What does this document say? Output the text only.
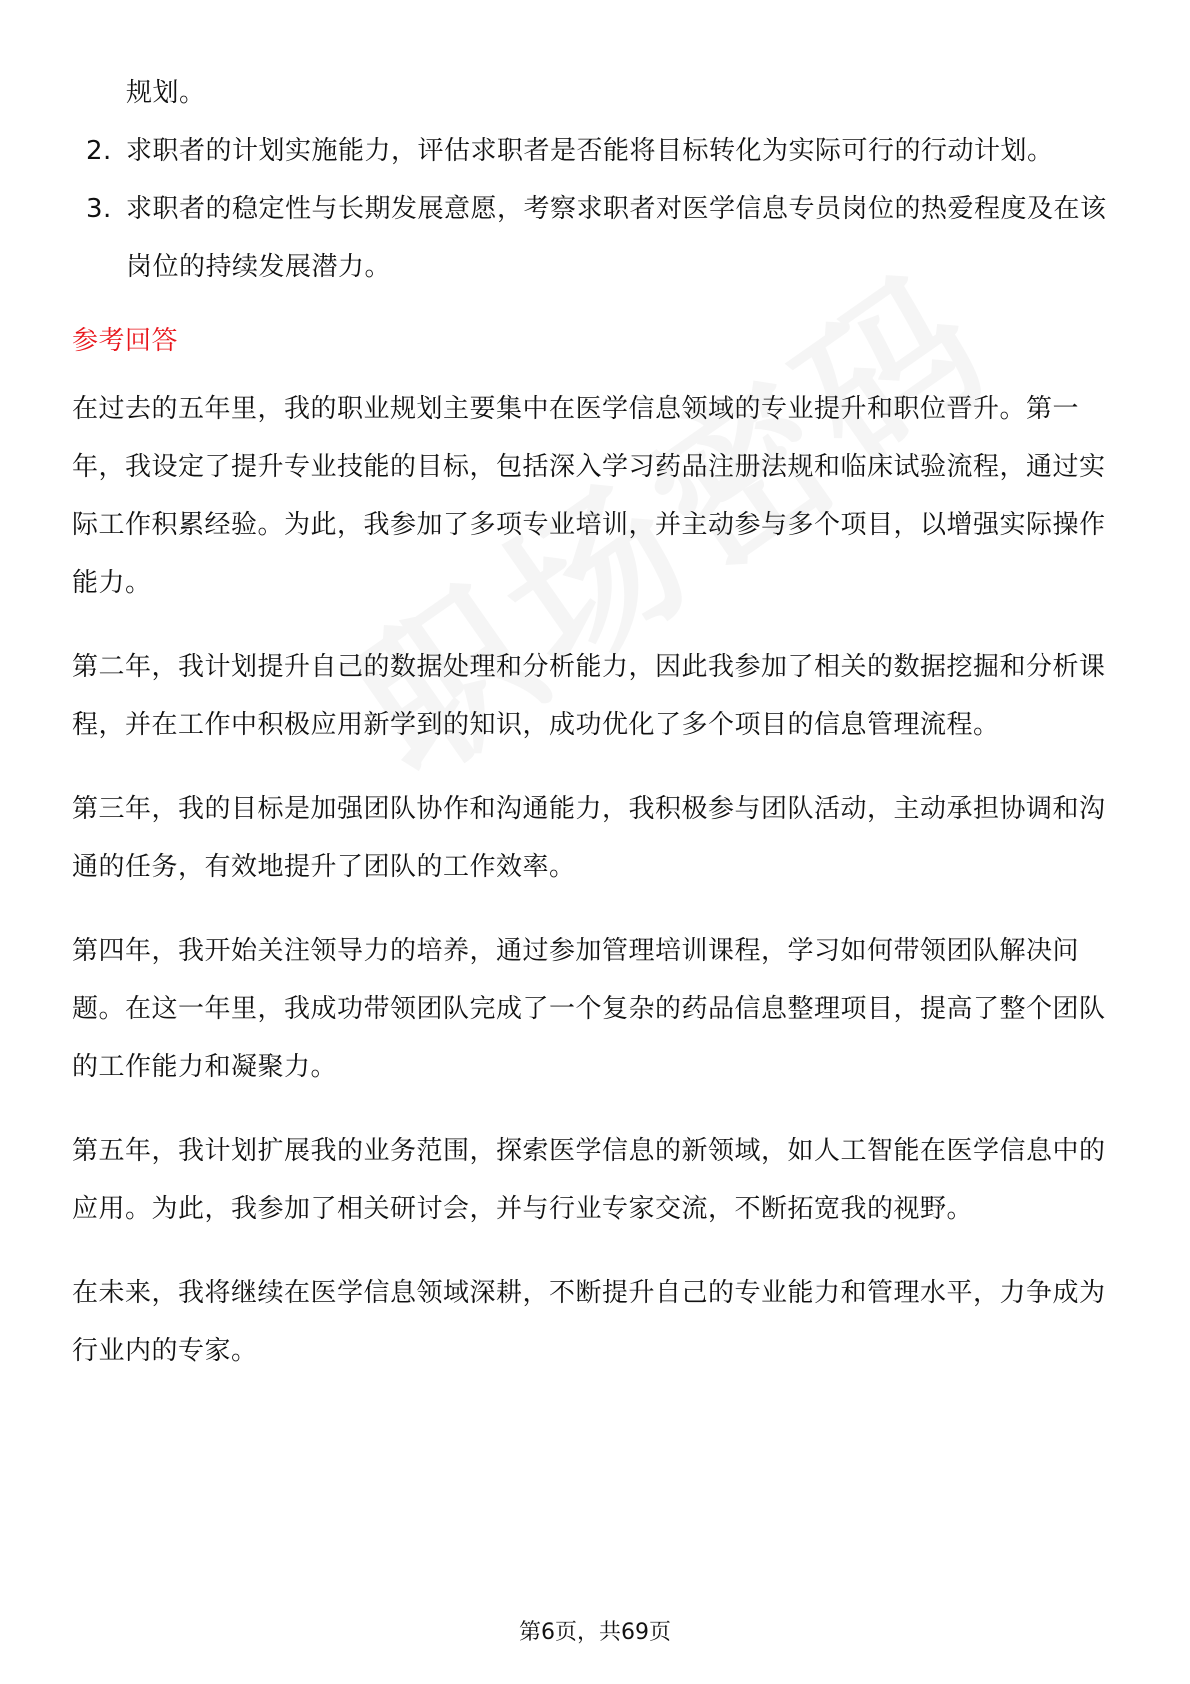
规划。
2. 求职者的计划实施能力，评估求职者是否能将目标转化为实际可行的行动计划。
3. 求职者的稳定性与长期发展意愿，考察求职者对医学信息专员岗位的热爱程度及在该岗位的持续发展潜力。
参考回答
在过去的五年里，我的职业规划主要集中在医学信息领域的专业提升和职位晋升。第一年，我设定了提升专业技能的目标，包括深入学习药品注册法规和临床试验流程，通过实际工作积累经验。为此，我参加了多项专业培训，并主动参与多个项目，以增强实际操作能力。
第二年，我计划提升自己的数据处理和分析能力，因此我参加了相关的数据挖掘和分析课程，并在工作中积极应用新学到的知识，成功优化了多个项目的信息管理流程。
第三年，我的目标是加强团队协作和沟通能力，我积极参与团队活动，主动承担协调和沟通的任务，有效地提升了团队的工作效率。
第四年，我开始关注领导力的培养，通过参加管理培训课程，学习如何带领团队解决问题。在这一年里，我成功带领团队完成了一个复杂的药品信息整理项目，提高了整个团队的工作能力和凝聚力。
第五年，我计划扩展我的业务范围，探索医学信息的新领域，如人工智能在医学信息中的应用。为此，我参加了相关研讨会，并与行业专家交流，不断拓宽我的视野。
在未来，我将继续在医学信息领域深耕，不断提升自己的专业能力和管理水平，力争成为行业内的专家。
第6页，共69页
